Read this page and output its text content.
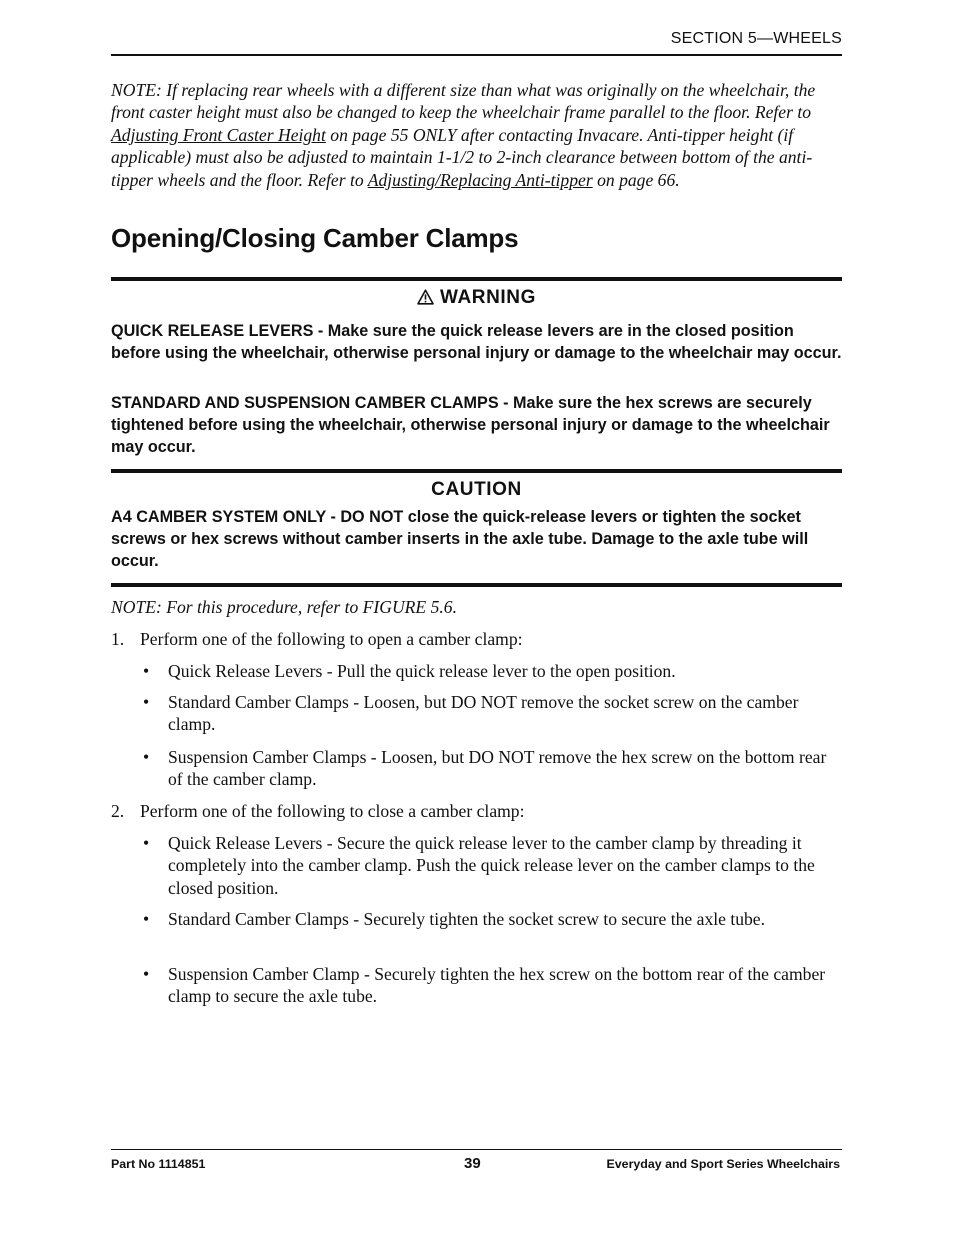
SECTION 5—WHEELS
NOTE: If replacing rear wheels with a different size than what was originally on the wheelchair, the front caster height must also be changed to keep the wheelchair frame parallel to the floor. Refer to Adjusting Front Caster Height on page 55 ONLY after contacting Invacare. Anti-tipper height (if applicable) must also be adjusted to maintain 1-1/2 to 2-inch clearance between bottom of the anti-tipper wheels and the floor. Refer to Adjusting/Replacing Anti-tipper on page 66.
Opening/Closing Camber Clamps
WARNING
QUICK RELEASE LEVERS - Make sure the quick release levers are in the closed position before using the wheelchair, otherwise personal injury or damage to the wheelchair may occur.
STANDARD AND SUSPENSION CAMBER CLAMPS - Make sure the hex screws are securely tightened before using the wheelchair, otherwise personal injury or damage to the wheelchair may occur.
CAUTION
A4 CAMBER SYSTEM ONLY - DO NOT close the quick-release levers or tighten the socket screws or hex screws without camber inserts in the axle tube. Damage to the axle tube will occur.
NOTE: For this procedure, refer to FIGURE 5.6.
1. Perform one of the following to open a camber clamp:
• Quick Release Levers - Pull the quick release lever to the open position.
• Standard Camber Clamps - Loosen, but DO NOT remove the socket screw on the camber clamp.
• Suspension Camber Clamps - Loosen, but DO NOT remove the hex screw on the bottom rear of the camber clamp.
2. Perform one of the following to close a camber clamp:
• Quick Release Levers - Secure the quick release lever to the camber clamp by threading it completely into the camber clamp. Push the quick release lever on the camber clamps to the closed position.
• Standard Camber Clamps - Securely tighten the socket screw to secure the axle tube.
• Suspension Camber Clamp - Securely tighten the hex screw on the bottom rear of the camber clamp to secure the axle tube.
Part No 1114851	39	Everyday and Sport Series Wheelchairs
